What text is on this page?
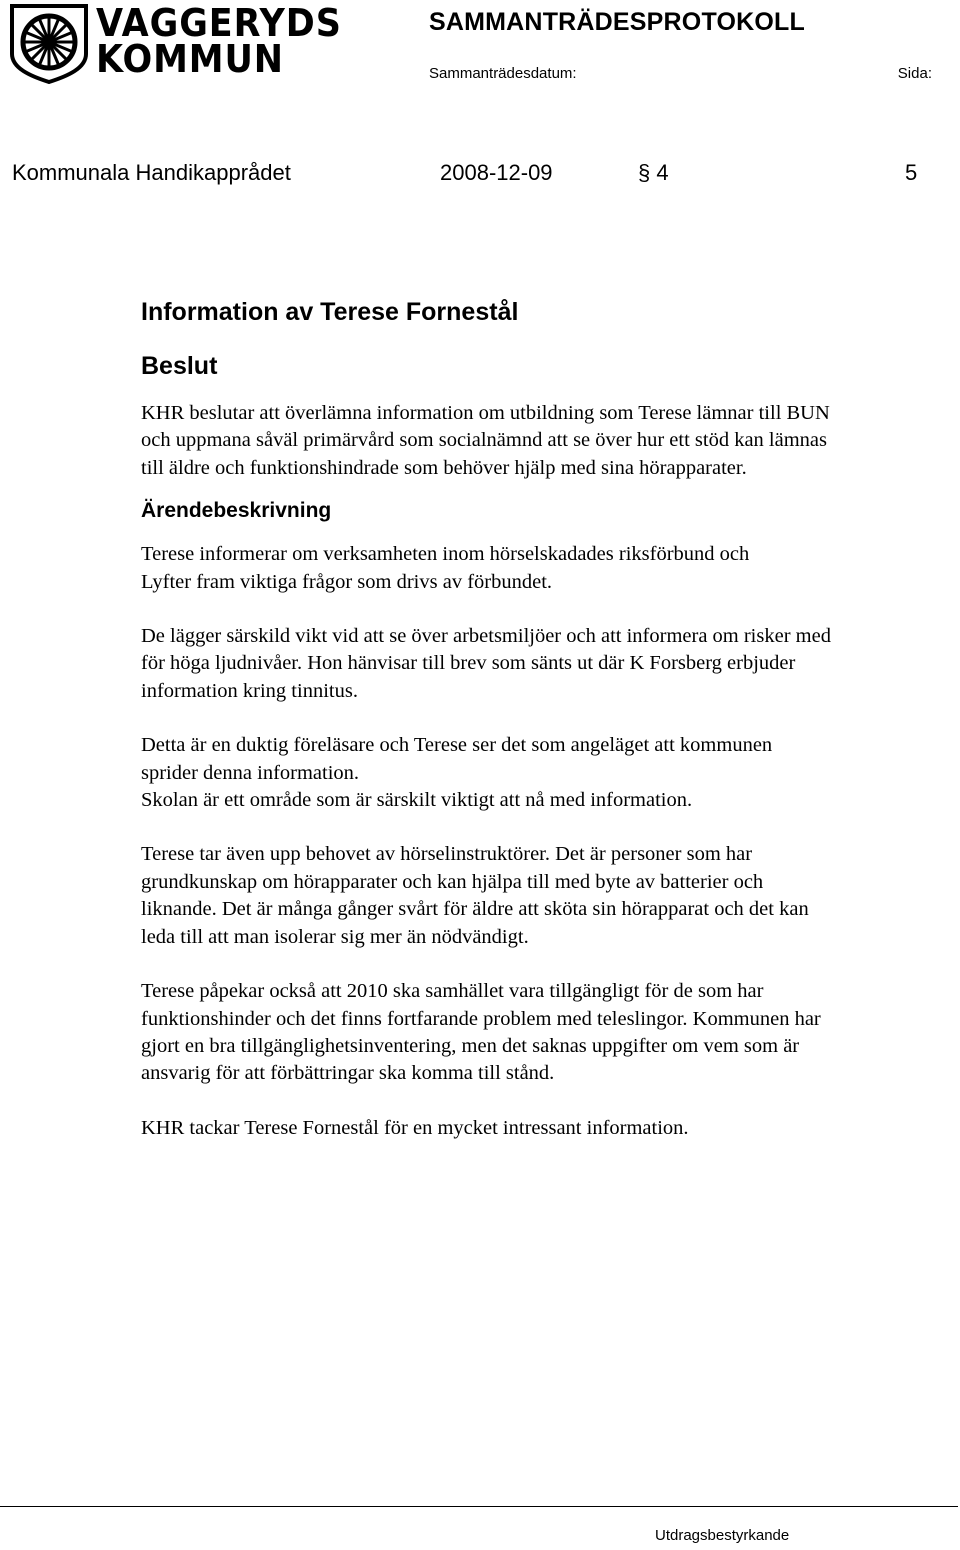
VAGGERYDS
KOMMUN
SAMMANTRÄDESPROTOKOLL
Sammanträdesdatum:	Sida:
Kommunala Handikapprådet	2008-12-09	§ 4	5
Information av Terese Fornestål
Beslut

KHR beslutar att överlämna information om utbildning som Terese lämnar till BUN
och uppmana såväl primärvård som socialnämnd att se över hur ett stöd kan lämnas
till äldre och funktionshindrade som behöver hjälp med sina hörapparater.

Ärendebeskrivning

Terese informerar om verksamheten inom hörselskadades riksförbund och
Lyfter fram viktiga frågor som drivs av förbundet.

De lägger särskild vikt vid att se över arbetsmiljöer och att informera om risker med
för höga ljudnivåer. Hon hänvisar till brev som sänts ut där K Forsberg erbjuder
information kring tinnitus.

Detta är en duktig föreläsare och Terese ser det som angeläget att kommunen
sprider denna information.
Skolan är ett område som är särskilt viktigt att nå med information.

Terese tar även upp behovet av hörselinstruktörer. Det är personer som har
grundkunskap om hörapparater och kan hjälpa till med byte av batterier och
liknande. Det är många gånger svårt för äldre att sköta sin hörapparat och det kan
leda till att man isolerar sig mer än nödvändigt.

Terese påpekar också att 2010 ska samhället vara tillgängligt för de som har
funktionshinder och det finns fortfarande problem med teleslingor. Kommunen har
gjort en bra tillgänglighetsinventering, men det saknas uppgifter om vem som är
ansvarig för att förbättringar ska komma till stånd.

KHR tackar Terese Fornestål för en mycket intressant information.

Utdragsbestyrkande
